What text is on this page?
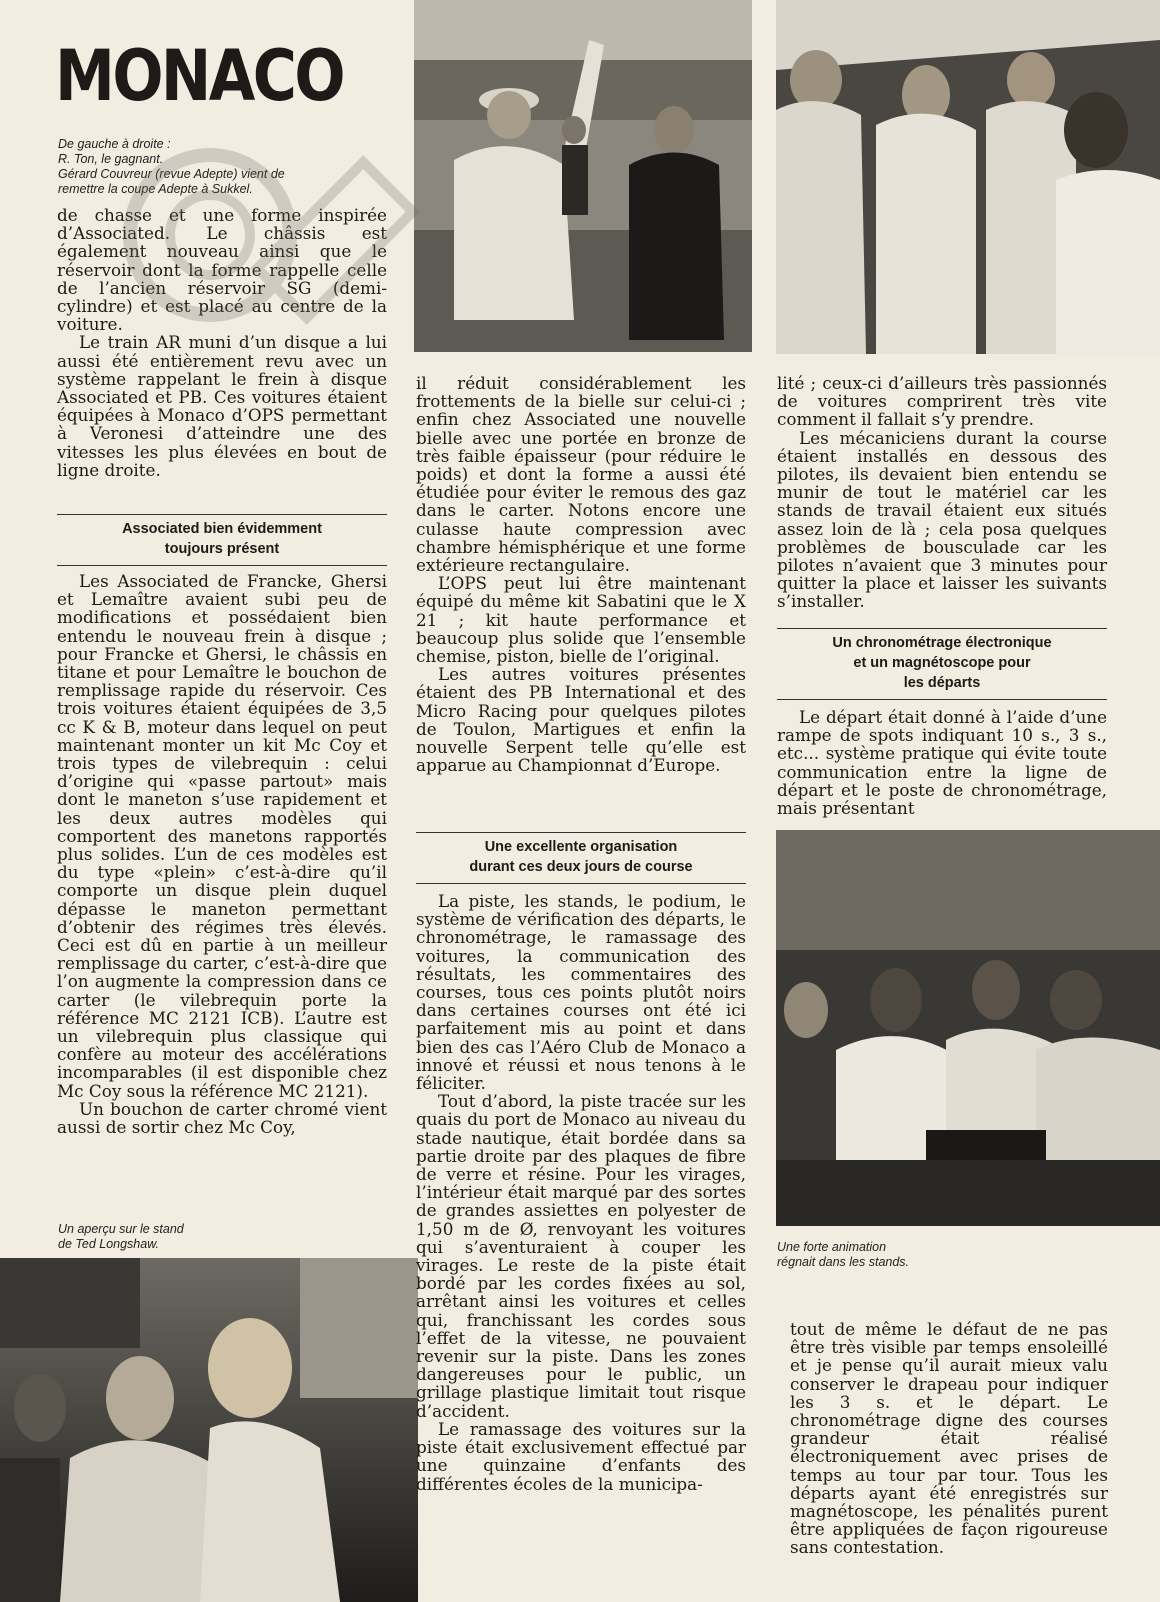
MONACO
De gauche à droite :
R. Ton, le gagnant.
Gérard Couvreur (revue Adepte) vient de
remettre la coupe Adepte à Sukkel.

de chasse et une forme inspirée d’Associated. Le châssis est également nouveau ainsi que le réservoir dont la forme rappelle celle de l’ancien réservoir SG (demi-cylindre) et est placé au centre de la voiture.

Le train AR muni d’un disque a lui aussi été entièrement revu avec un système rappelant le frein à disque Associated et PB. Ces voitures étaient équipées à Monaco d’OPS permettant à Veronesi d’atteindre une des vitesses les plus élevées en bout de ligne droite.

Associated bien évidemment
toujours présent

Les Associated de Francke, Ghersi et Lemaître avaient subi peu de modifications et possédaient bien entendu le nouveau frein à disque ; pour Francke et Ghersi, le châssis en titane et pour Lemaître le bouchon de remplissage rapide du réservoir. Ces trois voitures étaient équipées de 3,5 cc K & B, moteur dans lequel on peut maintenant monter un kit Mc Coy et trois types de vilebrequin : celui d’origine qui «passe partout» mais dont le maneton s’use rapidement et les deux autres modèles qui comportent des manetons rapportés plus solides. L’un de ces modèles est du type «plein» c’est-à-dire qu’il comporte un disque plein duquel dépasse le maneton permettant d’obtenir des régimes très élevés. Ceci est dû en partie à un meilleur remplissage du carter, c’est-à-dire que l’on augmente la compression dans ce carter (le vilebrequin porte la référence MC 2121 ICB). L’autre est un vilebrequin plus classique qui confère au moteur des accélérations incomparables (il est disponible chez Mc Coy sous la référence MC 2121).

Un bouchon de carter chromé vient aussi de sortir chez Mc Coy,

Un aperçu sur le stand
de Ted Longshaw.

il réduit considérablement les frottements de la bielle sur celui-ci ; enfin chez Associated une nouvelle bielle avec une portée en bronze de très faible épaisseur (pour réduire le poids) et dont la forme a aussi été étudiée pour éviter le remous des gaz dans le carter. Notons encore une culasse haute compression avec chambre hémisphérique et une forme extérieure rectangulaire.

L’OPS peut lui être maintenant équipé du même kit Sabatini que le X 21 ; kit haute performance et beaucoup plus solide que l’ensemble chemise, piston, bielle de l’original.

Les autres voitures présentes étaient des PB International et des Micro Racing pour quelques pilotes de Toulon, Martigues et enfin la nouvelle Serpent telle qu’elle est apparue au Championnat d’Europe.

Une excellente organisation
durant ces deux jours de course

La piste, les stands, le podium, le système de vérification des départs, le chronométrage, le ramassage des voitures, la communication des résultats, les commentaires des courses, tous ces points plutôt noirs dans certaines courses ont été ici parfaitement mis au point et dans bien des cas l’Aéro Club de Monaco a innové et réussi et nous tenons à le féliciter.

Tout d’abord, la piste tracée sur les quais du port de Monaco au niveau du stade nautique, était bordée dans sa partie droite par des plaques de fibre de verre et résine. Pour les virages, l’intérieur était marqué par des sortes de grandes assiettes en polyester de 1,50 m de Ø, renvoyant les voitures qui s’aventuraient à couper les virages. Le reste de la piste était bordé par les cordes fixées au sol, arrêtant ainsi les voitures et celles qui, franchissant les cordes sous l’effet de la vitesse, ne pouvaient revenir sur la piste. Dans les zones dangereuses pour le public, un grillage plastique limitait tout risque d’accident.

Le ramassage des voitures sur la piste était exclusivement effectué par une quinzaine d’enfants des différentes écoles de la municipa-

lité ; ceux-ci d’ailleurs très passionnés de voitures comprirent très vite comment il fallait s’y prendre.

Les mécaniciens durant la course étaient installés en dessous des pilotes, ils devaient bien entendu se munir de tout le matériel car les stands de travail étaient eux situés assez loin de là ; cela posa quelques problèmes de bousculade car les pilotes n’avaient que 3 minutes pour quitter la place et laisser les suivants s’installer.

Un chronométrage électronique
et un magnétoscope pour
les départs

Le départ était donné à l’aide d’une rampe de spots indiquant 10 s., 3 s., etc... système pratique qui évite toute communication entre la ligne de départ et le poste de chronométrage, mais présentant

Une forte animation
régnait dans les stands.

tout de même le défaut de ne pas être très visible par temps ensoleillé et je pense qu’il aurait mieux valu conserver le drapeau pour indiquer les 3 s. et le départ. Le chronométrage digne des courses grandeur était réalisé électroniquement avec prises de temps au tour par tour. Tous les départs ayant été enregistrés sur magnétoscope, les pénalités purent être appliquées de façon rigoureuse sans contestation.
